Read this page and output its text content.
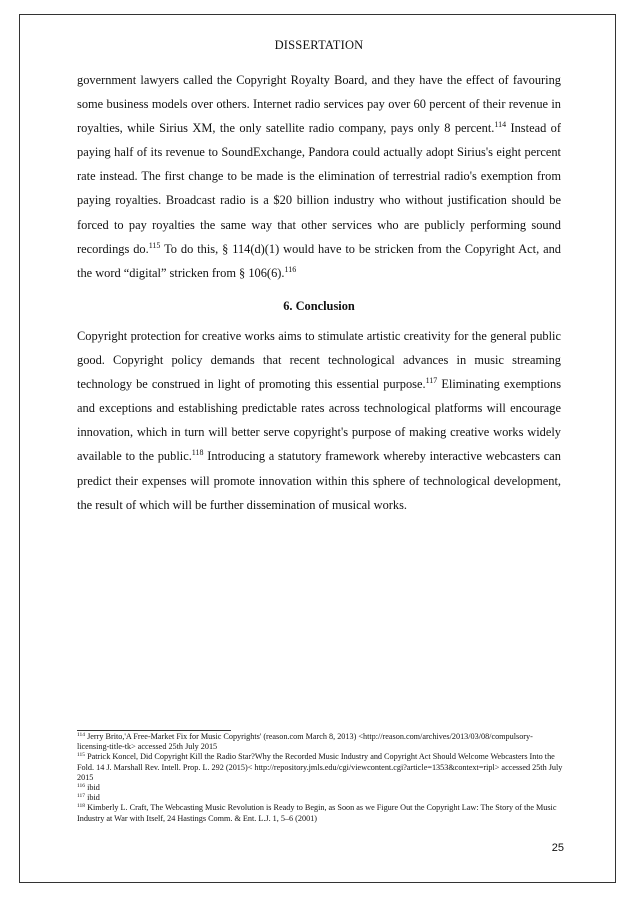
DISSERTATION

government lawyers called the Copyright Royalty Board, and they have the effect of favouring some business models over others. Internet radio services pay over 60 percent of their revenue in royalties, while Sirius XM, the only satellite radio company, pays only 8 percent.$^{114}$ Instead of paying half of its revenue to SoundExchange, Pandora could actually adopt Sirius's eight percent rate instead. The first change to be made is the elimination of terrestrial radio's exemption from paying royalties. Broadcast radio is a $20 billion industry who without justification should be forced to pay royalties the same way that other services who are publicly performing sound recordings do.$^{115}$ To do this, § 114(d)(1) would have to be stricken from the Copyright Act, and the word “digital” stricken from § 106(6).$^{116}$

6. Conclusion

Copyright protection for creative works aims to stimulate artistic creativity for the general public good. Copyright policy demands that recent technological advances in music streaming technology be construed in light of promoting this essential purpose.$^{117}$ Eliminating exemptions and exceptions and establishing predictable rates across technological platforms will encourage innovation, which in turn will better serve copyright's purpose of making creative works widely available to the public.$^{118}$ Introducing a statutory framework whereby interactive webcasters can predict their expenses will promote innovation within this sphere of technological development, the result of which will be further dissemination of musical works.

$^{114}$ Jerry Brito,'A Free-Market Fix for Music Copyrights' (reason.com March 8, 2013) <http://reason.com/archives/2013/03/08/compulsory-licensing-title-tk> accessed 25th July 2015

$^{115}$ Patrick Koncel, Did Copyright Kill the Radio Star?Why the Recorded Music Industry and Copyright Act Should Welcome Webcasters Into the Fold. 14 J. Marshall Rev. Intell. Prop. L. 292 (2015)< http://repository.jmls.edu/cgi/viewcontent.cgi?article=1353&context=ripl> accessed 25th July 2015

$^{116}$ ibid

$^{117}$ ibid

$^{118}$ Kimberly L. Craft, The Webcasting Music Revolution is Ready to Begin, as Soon as we Figure Out the Copyright Law: The Story of the Music Industry at War with Itself, 24 Hastings Comm. & Ent. L.J. 1, 5–6 (2001)

25
